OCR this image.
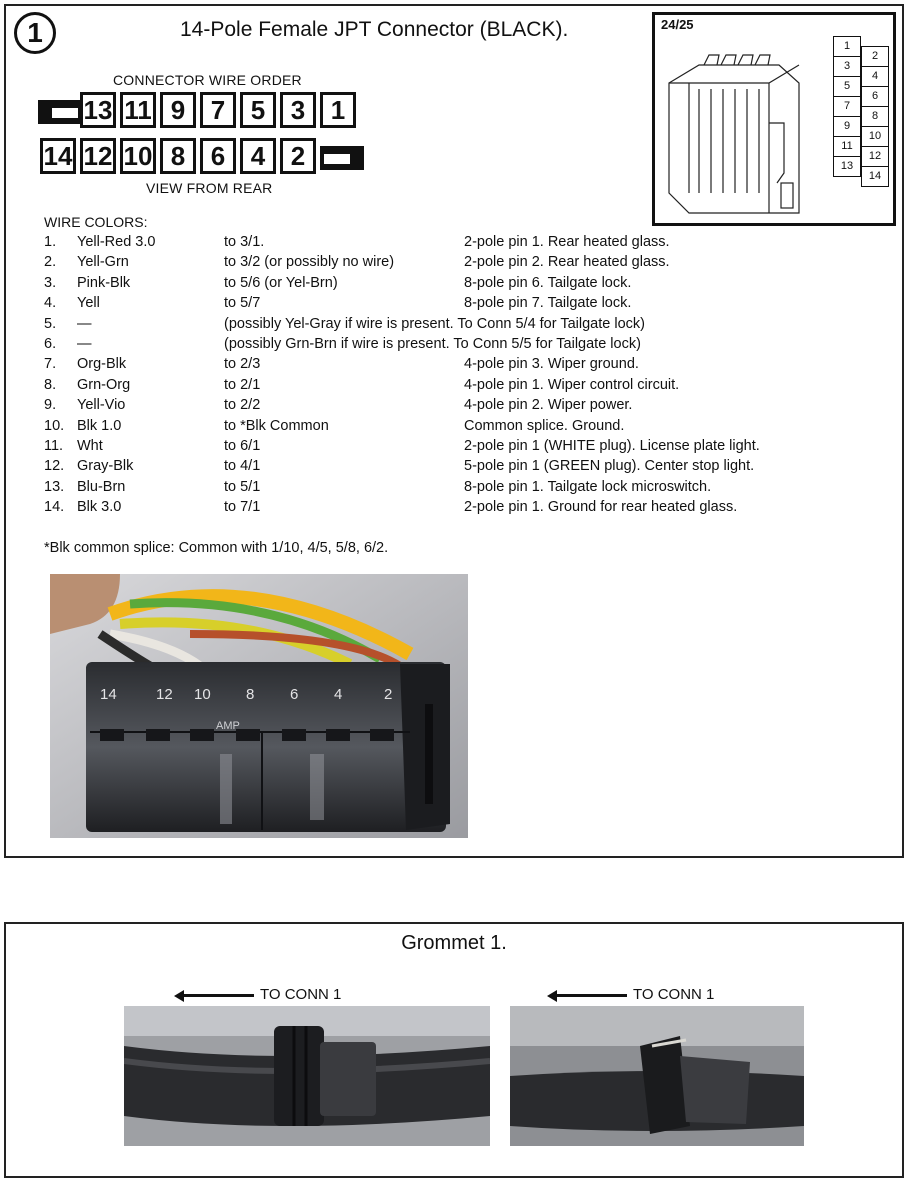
1	14-Pole Female JPT Connector (BLACK).
CONNECTOR WIRE ORDER
13 11 9 7 5 3 1
14 12 10 8 6 4 2
VIEW FROM REAR
24/25
1
3
5
7
9
11
13
2
4
6
8
10
12
14
WIRE COLORS:
1. Yell-Red 3.0	to 3/1.	2-pole pin 1. Rear heated glass.
2. Yell-Grn	to 3/2 (or possibly no wire)	2-pole pin 2. Rear heated glass.
3. Pink-Blk	to 5/6 (or Yel-Brn)	8-pole pin 6. Tailgate lock.
4. Yell	to 5/7	8-pole pin 7. Tailgate lock.
5. —	(possibly Yel-Gray if wire is present. To Conn 5/4 for Tailgate lock)
6. —	(possibly Grn-Brn if wire is present. To Conn 5/5 for Tailgate lock)
7. Org-Blk	to 2/3	4-pole pin 3. Wiper ground.
8. Grn-Org	to 2/1	4-pole pin 1. Wiper control circuit.
9. Yell-Vio	to 2/2	4-pole pin 2. Wiper power.
10. Blk 1.0	to *Blk Common	Common splice. Ground.
11. Wht	to 6/1	2-pole pin 1 (WHITE plug). License plate light.
12. Gray-Blk	to 4/1	5-pole pin 1 (GREEN plug). Center stop light.
13. Blu-Brn	to 5/1	8-pole pin 1. Tailgate lock microswitch.
14. Blk 3.0	to 7/1	2-pole pin 1. Ground for rear heated glass.
*Blk common splice: Common with 1/10, 4/5, 5/8, 6/2.
14	12 10 8 6 4	2
AMP
Grommet 1.
TO CONN 1	TO CONN 1
